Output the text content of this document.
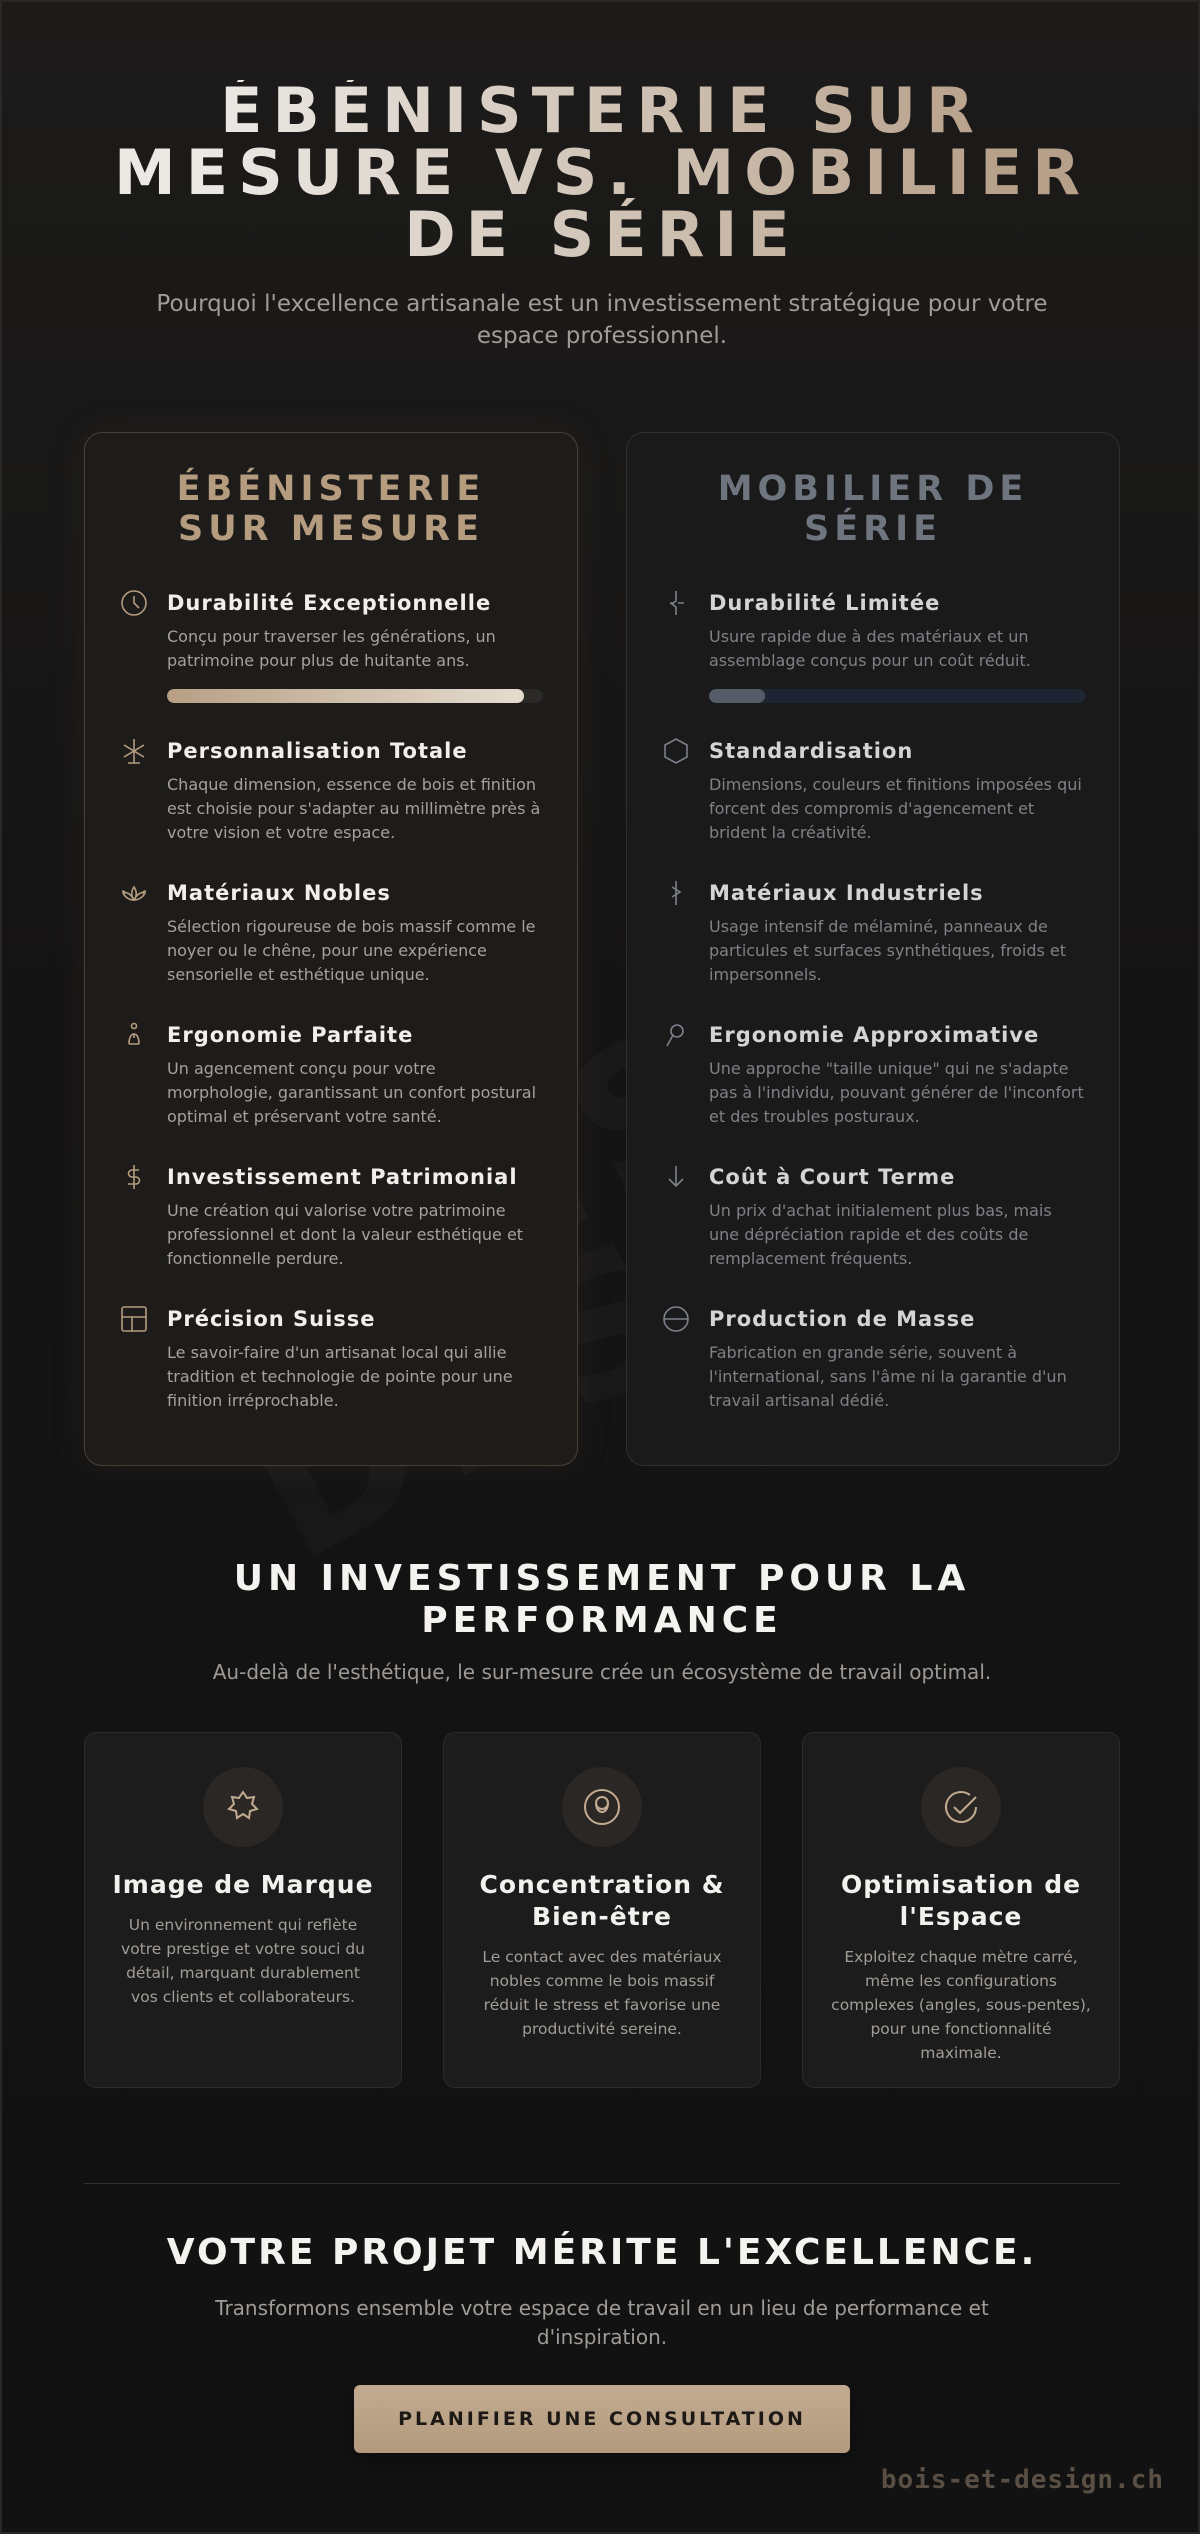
ÉBÉNISTERIE SUR MESURE VS. MOBILIER DE SÉRIE

Pourquoi l'excellence artisanale est un investissement stratégique pour votre espace professionnel.

ÉBÉNISTERIE SUR MESURE
Durabilité Exceptionnelle

Conçu pour traverser les générations, un patrimoine pour plus de huitante ans.

Personnalisation Totale

Chaque dimension, essence de bois et finition est choisie pour s'adapter au millimètre près à votre vision et votre espace.

Matériaux Nobles

Sélection rigoureuse de bois massif comme le noyer ou le chêne, pour une expérience sensorielle et esthétique unique.

Ergonomie Parfaite

Un agencement conçu pour votre morphologie, garantissant un confort postural optimal et préservant votre santé.

Investissement Patrimonial

Une création qui valorise votre patrimoine professionnel et dont la valeur esthétique et fonctionnelle perdure.

Précision Suisse

Le savoir-faire d'un artisanat local qui allie tradition et technologie de pointe pour une finition irréprochable.

MOBILIER DE SÉRIE
Durabilité Limitée

Usure rapide due à des matériaux et un assemblage conçus pour un coût réduit.

Standardisation

Dimensions, couleurs et finitions imposées qui forcent des compromis d'agencement et brident la créativité.

Matériaux Industriels

Usage intensif de mélaminé, panneaux de particules et surfaces synthétiques, froids et impersonnels.

Ergonomie Approximative

Une approche "taille unique" qui ne s'adapte pas à l'individu, pouvant générer de l'inconfort et des troubles posturaux.

Coût à Court Terme

Un prix d'achat initialement plus bas, mais une dépréciation rapide et des coûts de remplacement fréquents.

Production de Masse

Fabrication en grande série, souvent à l'international, sans l'âme ni la garantie d'un travail artisanal dédié.

UN INVESTISSEMENT POUR LA PERFORMANCE

Au-delà de l'esthétique, le sur-mesure crée un écosystème de travail optimal.

Image de Marque

Un environnement qui reflète votre prestige et votre souci du détail, marquant durablement vos clients et collaborateurs.

Concentration & Bien-être

Le contact avec des matériaux nobles comme le bois massif réduit le stress et favorise une productivité sereine.

Optimisation de l'Espace

Exploitez chaque mètre carré, même les configurations complexes (angles, sous-pentes), pour une fonctionnalité maximale.

VOTRE PROJET MÉRITE L'EXCELLENCE.

Transformons ensemble votre espace de travail en un lieu de performance et d'inspiration.

PLANIFIER UNE CONSULTATION
bois-et-design.ch
